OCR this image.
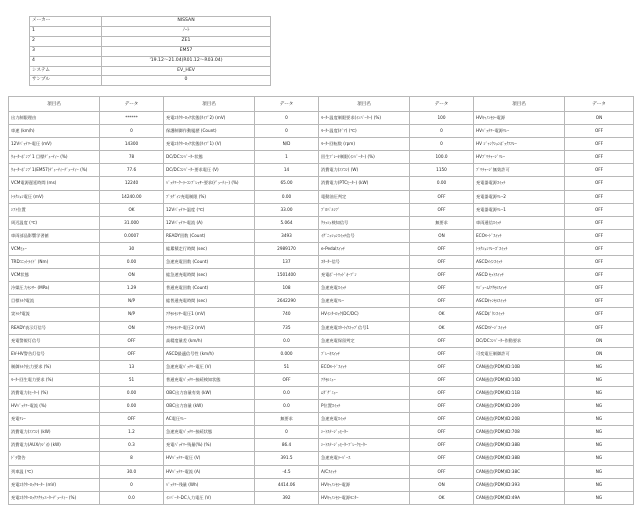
メーカー	NISSAN
1	ﾉｰﾄ
2	ZE1
3	EM57
4	'19.12～21.04(R01.12～R03.04)
システム	EV_HEV
サンプル	0
項目名	データ	項目名	データ	項目名	データ	項目名	データ
出力制限理由	******	充電ｺﾈｸﾀｰﾛｯｸ状態(ﾀｲﾌﾟ2) (mV)	0	ﾓｰﾀｰ温度制限要求(ｲﾝﾊﾞｰﾀｰ) (%)	100	HVｷｬﾉﾝｾﾗｰ電源	ON
車速 (km/h)	0	保護制御作動履歴 (Count)	0	ﾓｰﾀｰ温度(ｷﾞｱ) (℃)	0	HVﾊﾞｯﾃﾘｰ電源ﾘﾚｰ	OFF
12Vﾊﾞｯﾃﾘｰ電圧 (mV)	14300	充電ｺﾈｸﾀｰﾛｯｸ状態(ﾀｲﾌﾟ1) (V)	N/D	ﾓｰﾀｰ回転数 (rpm)	0	HV ｼﾞｬﾝｸｼｮﾝﾎﾞｯｸｽﾘﾚｰ	OFF
ｳｫｰﾀｰﾎﾟﾝﾌﾟ1 目標ﾃﾞｭｰﾃｨｰ (%)	78	DC/DCｺﾝﾊﾞｰﾀｰ状態	1	回生ﾌﾞﾚｰｷ制限(ｲﾝﾊﾞｰﾀｰ) (%)	100.0	HVﾌﾟﾘﾁｬｰｼﾞﾘﾚｰ	OFF
ｳｫｰﾀｰﾎﾟﾝﾌﾟ1(EM57)ﾃﾞｭｰﾃｨｰﾃﾞｭｰﾃｨｰ (%)	77.6	DC/DCｺﾝﾊﾞｰﾀｰ要求電圧 (V)	14	消費電力(ｴｱｺﾝ) (W)	1150	ﾌﾟﾘﾁｬｰｼﾞ無効許可	OFF
VCM電源遅延時間 (ms)	12240	ﾊﾞｯﾃﾘｰｸｰﾗｰｺﾝﾌﾟﾚｯｻｰ要求(ﾃﾞｭｰﾃｨｰ) (%)	65.00	消費電力(PTCﾋｰﾀｰ) (kW)	0.00	充電器電源ｽｲｯﾁ	OFF
ﾄﾗｸｼｮﾝ電圧 (mV)	14240.00	ﾌﾟﾗｸﾞｲﾝ充電制限 (%)	0.00	電動油圧判定	OFF	充電器電源ﾘﾚｰ2	OFF
ｼﾌﾄ位置	OK	12Vﾊﾞｯﾃﾘｰ温度 (℃)	33.00	ﾌﾟﾛﾊﾟﾙｼﾌﾞ	OFF	充電器電源ﾘﾚｰ1	OFF
周辺温度 (℃)	31.000	12Vﾊﾞｯﾃﾘｰ電流 (A)	5.064	ｸﾗｯｼｭ検知信号	無要求	車両通信ｽｲｯﾁ	OFF
車両部品影響学習値	0.0007	READY回数 (Count)	3493	ｲｸﾞﾆｯｼｮﾝｽｲｯﾁ信号	ON	ECOﾓｰﾄﾞｽｲｯﾁ	OFF
VCMﾋｭｰ	30	総累積走行時間 (sec)	2989170	e-Pedalｽｲｯﾁ	OFF	ﾄﾗｸｼｮﾝﾘﾚｰｽﾞｽｲｯﾁ	OFF
TRDﾕﾆｯﾄﾗｲﾄﾞ (Nm)	0.00	急速充電回数 (Count)	137	ｽﾀｰﾀｰ信号	OFF	ASCDﾒｲﾝｽｲｯﾁ	OFF
VCM状態	ON	総急速充電時間 (sec)	1501400	充電ﾎﾟｰﾄﾘｯﾄﾞｵｰﾌﾟﾝ	OFF	ASCD ｾｯﾄｽｲｯﾁ	OFF
冷媒圧力ｾﾝｻｰ (MPa)	1.29	普通充電回数 (Count)	108	急速充電ｽｲｯﾁ	OFF	ﾘｼﾞｭｰﾑ/ｱｸｾﾙｽｲｯﾁ	OFF
目標ﾄﾙｸ電流	N/P	総普通充電時間 (sec)	2642290	急速充電ﾘﾚｰ	OFF	ASCDｷｬﾝｾﾙｽｲｯﾁ	OFF
実ﾄﾙｸ電流	N/P	ｱｸｾﾙｾﾝｻｰ電圧1 (mV)	740	HVｲﾝﾀｰﾛｯｸ(DC/DC)	OK	ASCDﾎﾞﾀﾝｽｲｯﾁ	OFF
READY表示灯信号	ON	ｱｸｾﾙｾﾝｻｰ電圧2 (mV)	735	急速充電ｽﾀｰﾄ/ｽﾄｯﾌﾟ信号1	OK	ASCDｽﾃｰｼﾞｽｲｯﾁ	OFF
充電警報灯信号	OFF	高精度量差 (km/h)	0.0	急速充電保留判定	OFF	DC/DCｺﾝﾊﾞｰﾀｰ作動要求	ON
EV-HV警告灯信号	OFF	ASCD最適信号性 (km/h)	0.000	ﾌﾞﾚｰｷｽｲｯﾁ	OFF	可変電圧制御許可	ON
制御ﾄﾙｸ出力要求 (%)	13	急速充電ﾊﾞｯﾃﾘｰ電圧 (V)	51	ECOﾓｰﾄﾞｽｲｯﾁ	OFF	CAN通信(PDM)ID:10B	NG
ﾓｰﾀｰ回生電力要求 (%)	51	普通充電ﾊﾞｯﾃﾘｰ接続検知状態	OFF	ｱｸｾﾙﾐｭｰ	OFF	CAN通信(PDM)ID:10D	NG
消費電力(ﾋｰﾀｰ) (%)	0.00	OBC出力容量有効 (kW)	0.0	ﾑﾀﾞｸﾞﾐｭｰ	OFF	CAN通信(PDM)ID:11B	NG
HVﾊﾞｯﾃﾘｰ電流 (%)	0.00	OBC出力容量 (kW)	0.0	P位置ｽｲｯﾁ	OFF	CAN通信(PDM)ID:209	NG
充電ﾘﾚｰ	OFF	AC電圧ﾘﾚｰ	無要求	急速充電ｽｲｯﾁ	OFF	CAN通信(PDM)ID:20B	NG
消費電力(ｴｱｺﾝ) (kW)	1.2	急速充電ﾊﾞｯﾃﾘｰ接続状態	0	ｼｰﾄｽﾃｰｼﾞｭﾋｰﾀｰ	OFF	CAN通信(PDM)ID:708	NG
消費電力(AUX/ﾗｼﾞｵ) (kW)	0.3	充電ﾊﾞｯﾃﾘｰ残量(%) (%)	86.4	ｼｰﾄｽﾃｰｼﾞｭﾋｰﾀｰﾌﾞﾚｰｸﾋｰﾀｰ	OFF	CAN通信(PDM)ID:38B	NG
ﾄﾞﾗ警告	8	HVﾊﾞｯﾃﾘｰ電圧 (V)	391.5	急速充電ﾗｰﾊﾟｰｽ	OFF	CAN通信(PDM)ID:38B	NG
列車温 (℃)	30.0	HVﾊﾞｯﾃﾘｰ電流 (A)	-4.5	A/Cｽｲｯﾁ	OFF	CAN通信(PDM)ID:38C	NG
充電ｺﾈｸﾀｰﾛｯｸﾓｰﾀｰ (mV)	0	ﾊﾞｯﾃﾘｰ残量 (Wh)	4414.06	HVｷｬﾉﾝｾﾗｰ電源	ON	CAN通信(PDM)ID:393	NG
充電ｺﾈｸﾀｰﾛｯｸｱｸﾁｭｴｰﾀｰﾃﾞｭｰﾃｨｰ (%)	0.0	ｲﾝﾊﾞｰﾀｰDC入力電圧 (V)	392	HVｷｬﾉﾝｾﾗｰ電源ﾓﾆﾀｰ	OK	CAN通信(PDM)ID:49A	NG
